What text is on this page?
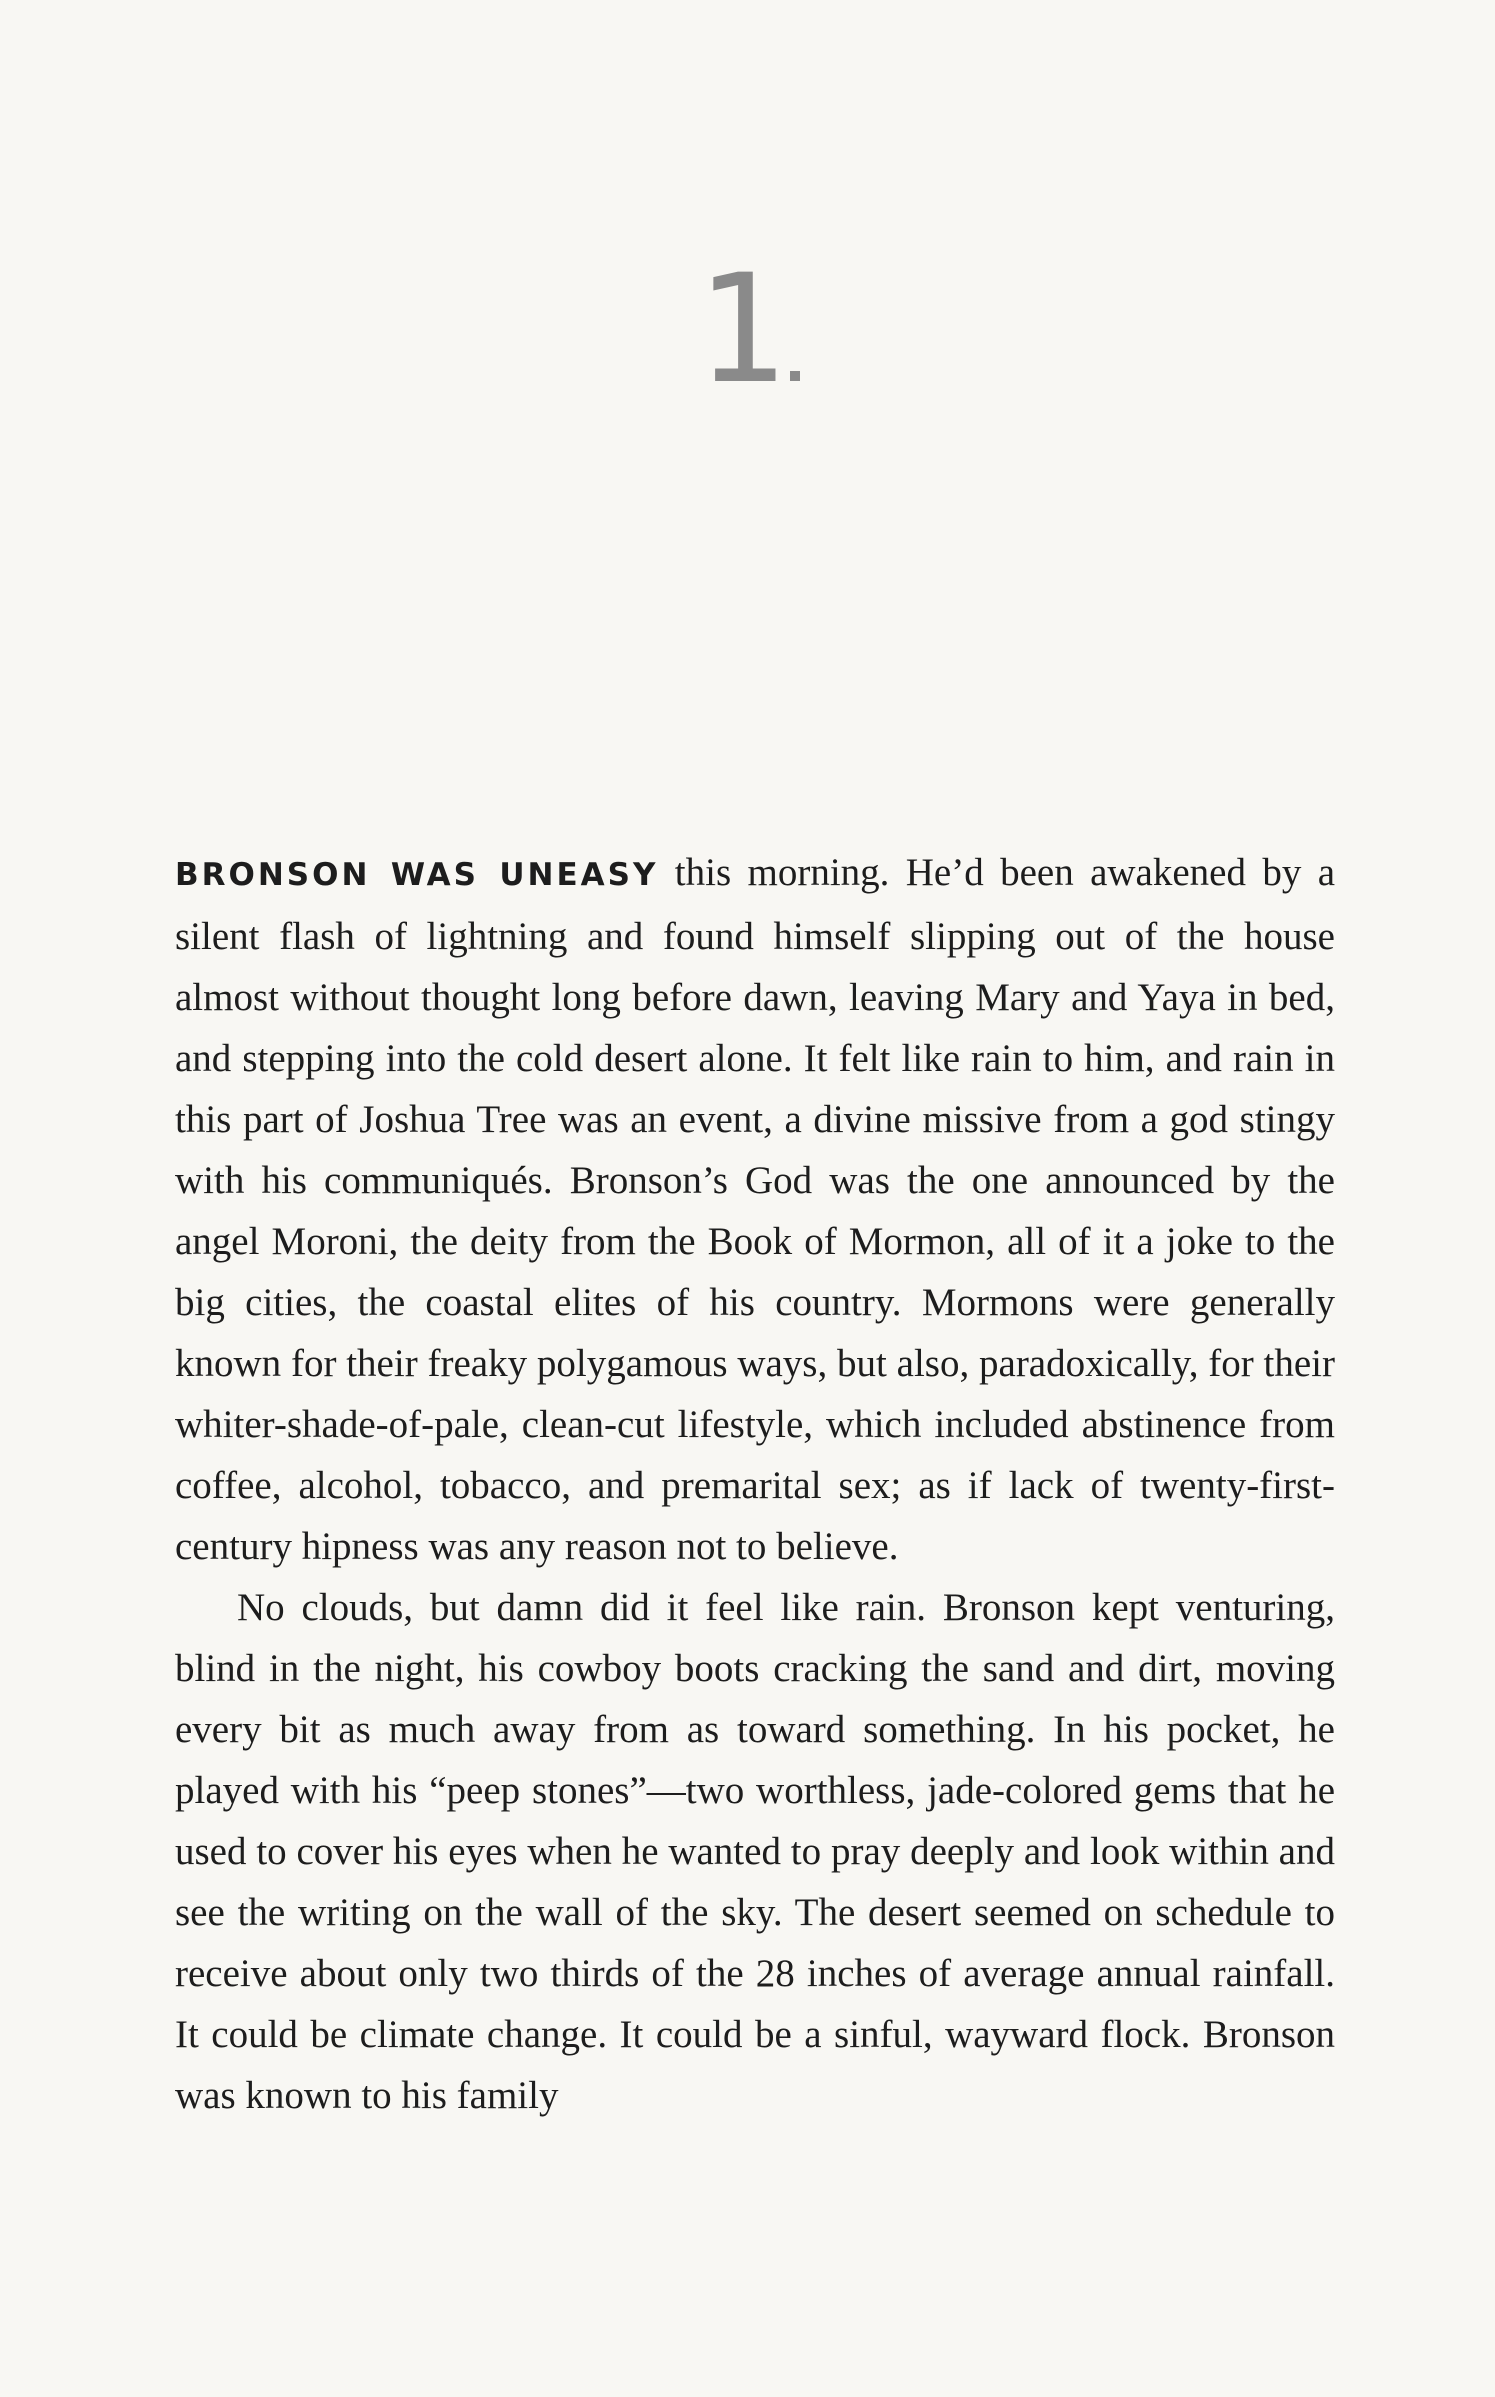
1

BRONSON WAS UNEASY this morning. He’d been awakened by a silent flash of lightning and found himself slipping out of the house almost without thought long before dawn, leaving Mary and Yaya in bed, and stepping into the cold desert alone. It felt like rain to him, and rain in this part of Joshua Tree was an event, a divine missive from a god stingy with his communiqués. Bronson’s God was the one announced by the angel Moroni, the deity from the Book of Mormon, all of it a joke to the big cities, the coastal elites of his country. Mormons were generally known for their freaky polygamous ways, but also, paradoxically, for their whiter-shade-of-pale, clean-cut lifestyle, which included abstinence from coffee, alcohol, tobacco, and premarital sex; as if lack of twenty-first-century hipness was any reason not to believe.

No clouds, but damn did it feel like rain. Bronson kept venturing, blind in the night, his cowboy boots cracking the sand and dirt, moving every bit as much away from as toward something. In his pocket, he played with his “peep stones”—two worthless, jade-colored gems that he used to cover his eyes when he wanted to pray deeply and look within and see the writing on the wall of the sky. The desert seemed on schedule to receive about only two thirds of the 28 inches of average annual rainfall. It could be climate change. It could be a sinful, wayward flock. Bronson was known to his family
